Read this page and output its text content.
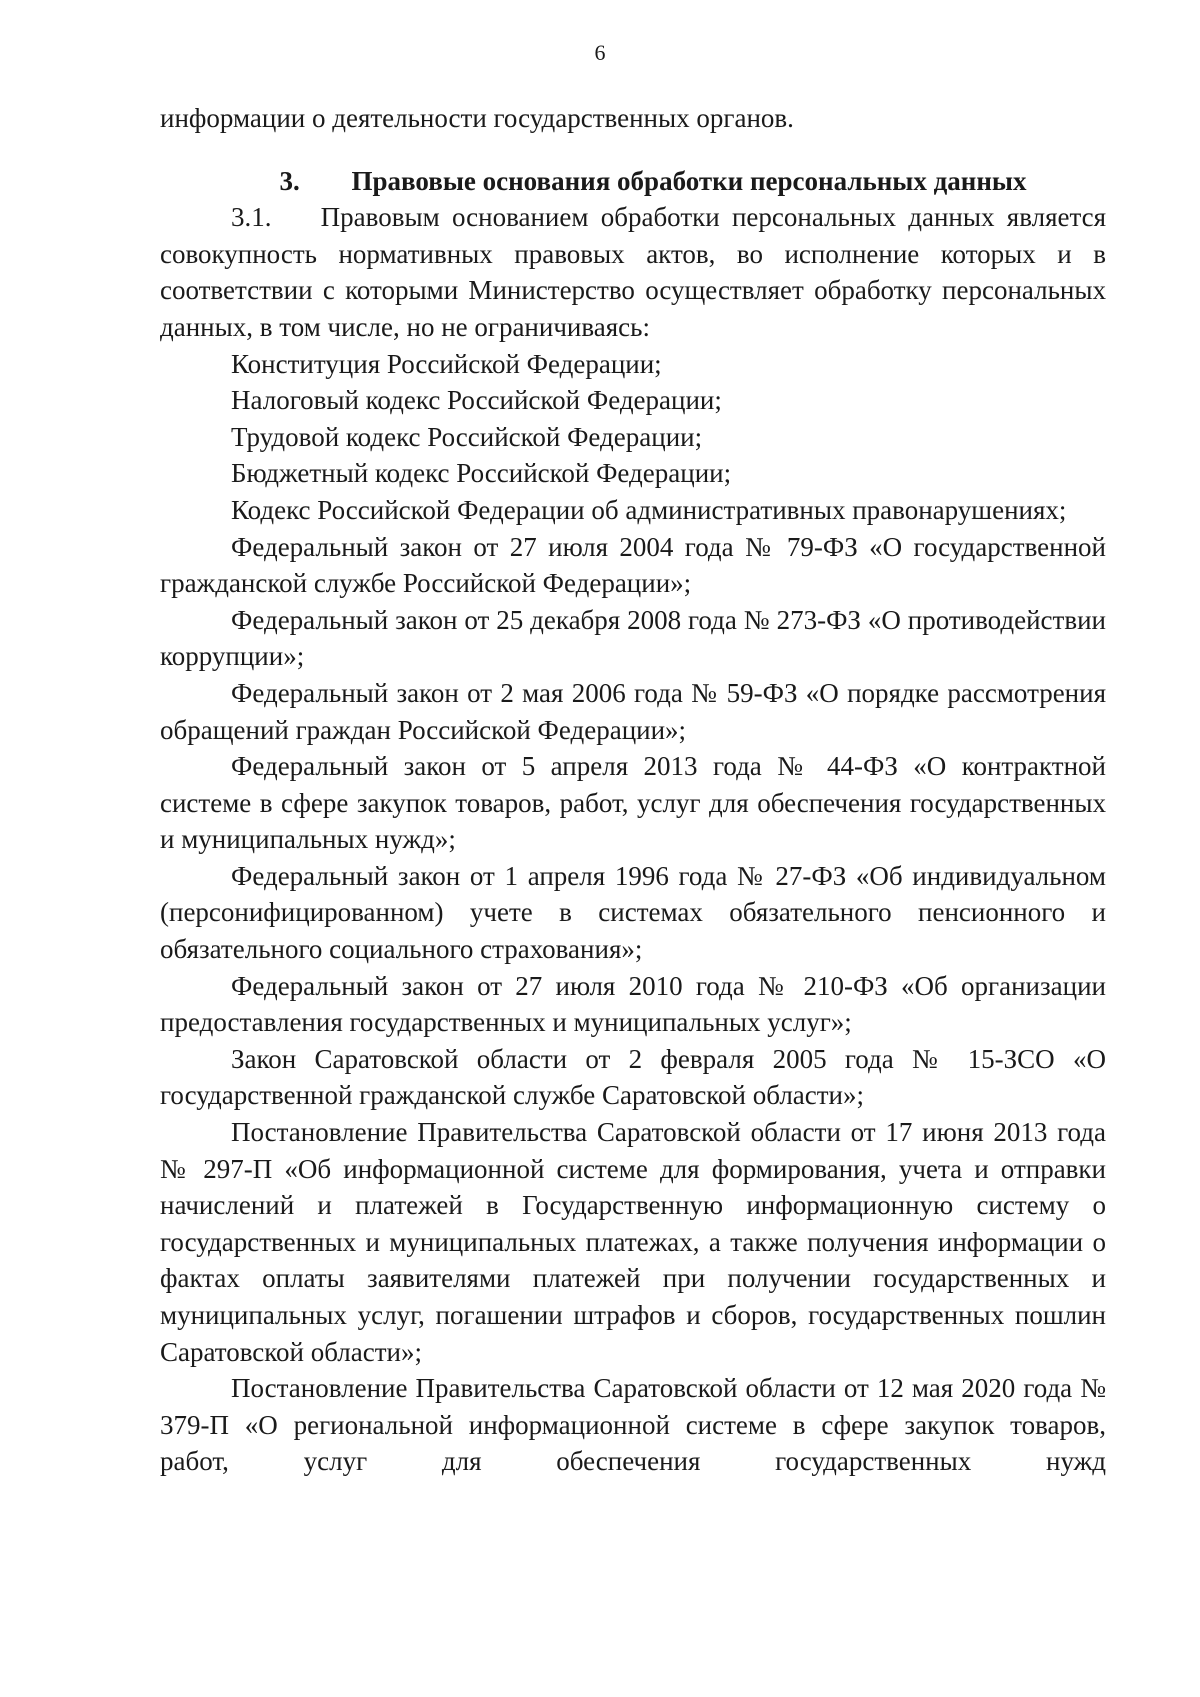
6

информации о деятельности государственных органов.

3. Правовые основания обработки персональных данных

3.1. Правовым основанием обработки персональных данных является совокупность нормативных правовых актов, во исполнение которых и в соответствии с которыми Министерство осуществляет обработку персональных данных, в том числе, но не ограничиваясь:

Конституция Российской Федерации;

Налоговый кодекс Российской Федерации;

Трудовой кодекс Российской Федерации;

Бюджетный кодекс Российской Федерации;

Кодекс Российской Федерации об административных правонарушениях;

Федеральный закон от 27 июля 2004 года № 79-ФЗ «О государственной гражданской службе Российской Федерации»;

Федеральный закон от 25 декабря 2008 года № 273-ФЗ «О противодействии коррупции»;

Федеральный закон от 2 мая 2006 года № 59-ФЗ «О порядке рассмотрения обращений граждан Российской Федерации»;

Федеральный закон от 5 апреля 2013 года № 44-ФЗ «О контрактной системе в сфере закупок товаров, работ, услуг для обеспечения государственных и муниципальных нужд»;

Федеральный закон от 1 апреля 1996 года № 27-ФЗ «Об индивидуальном (персонифицированном) учете в системах обязательного пенсионного и обязательного социального страхования»;

Федеральный закон от 27 июля 2010 года № 210-ФЗ «Об организации предоставления государственных и муниципальных услуг»;

Закон Саратовской области от 2 февраля 2005 года № 15-ЗСО «О государственной гражданской службе Саратовской области»;

Постановление Правительства Саратовской области от 17 июня 2013 года № 297-П «Об информационной системе для формирования, учета и отправки начислений и платежей в Государственную информационную систему о государственных и муниципальных платежах, а также получения информации о фактах оплаты заявителями платежей при получении государственных и муниципальных услуг, погашении штрафов и сборов, государственных пошлин Саратовской области»;

Постановление Правительства Саратовской области от 12 мая 2020 года № 379-П «О региональной информационной системе в сфере закупок товаров, работ, услуг для обеспечения государственных нужд
